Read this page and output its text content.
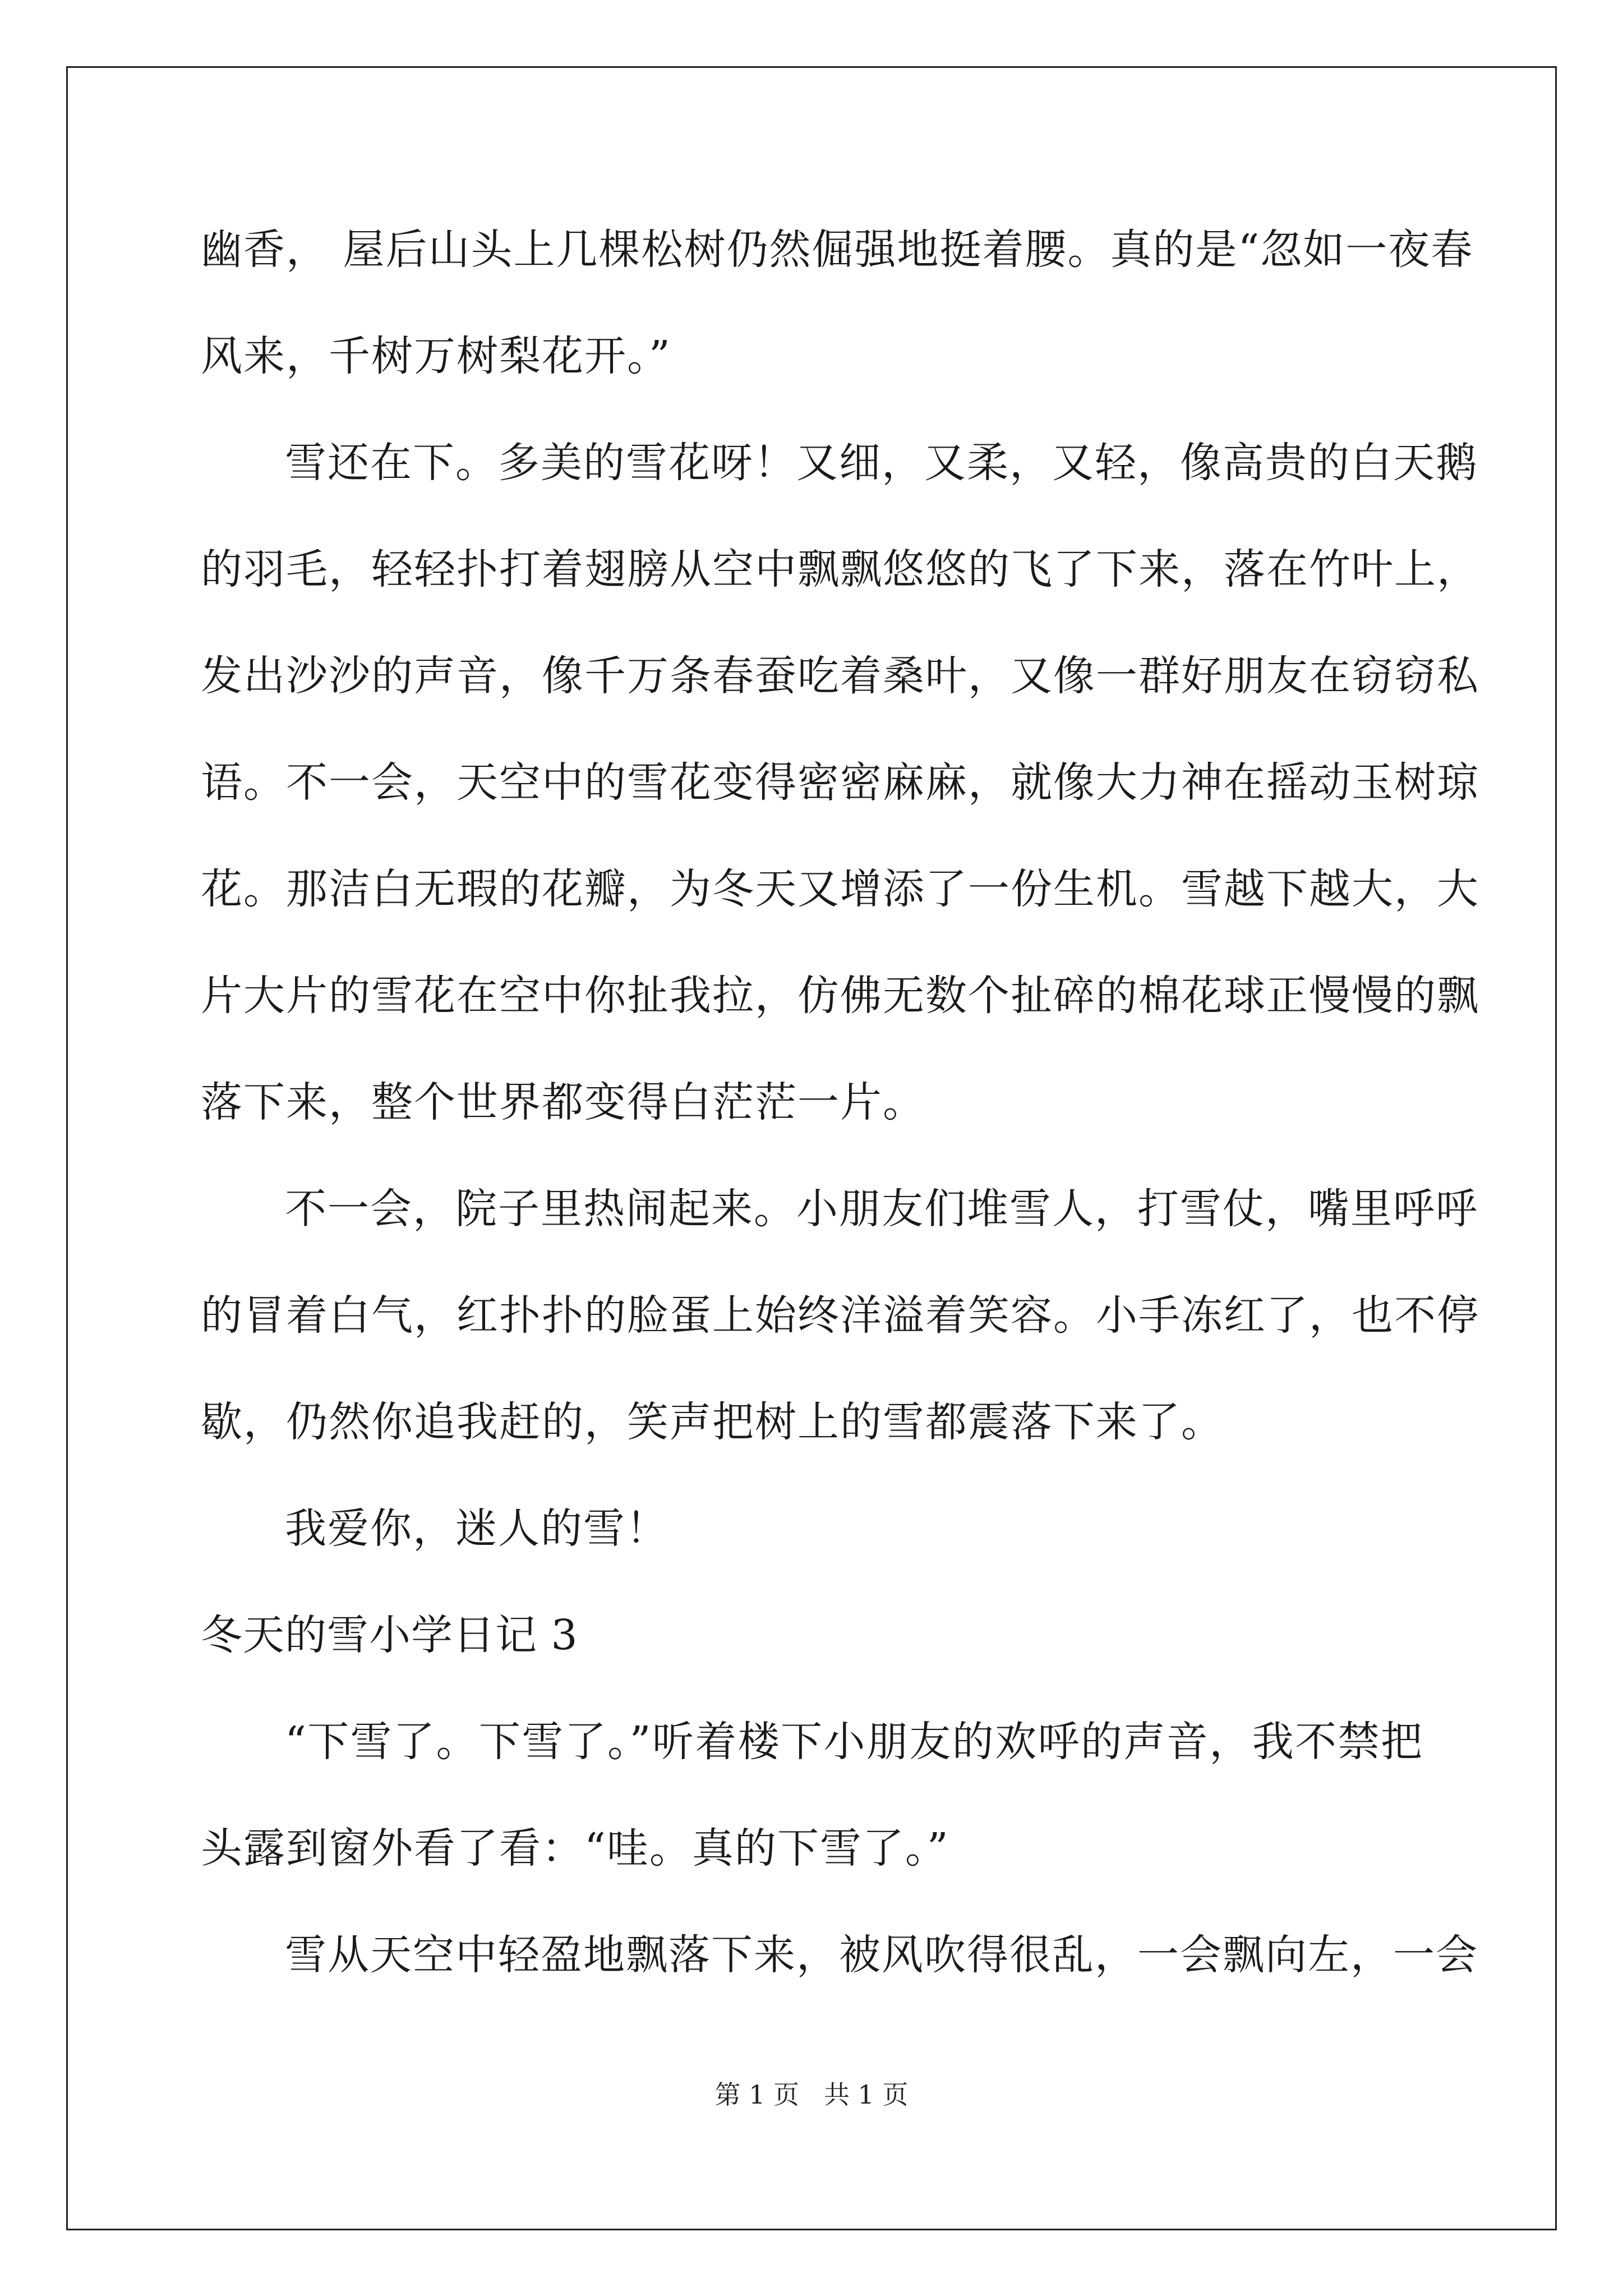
幽香， 屋后山头上几棵松树仍然倔强地挺着腰。真的是“忽如一夜春
风来，千树万树梨花开。”
雪还在下。多美的雪花呀！又细，又柔，又轻，像高贵的白天鹅
的羽毛，轻轻扑打着翅膀从空中飘飘悠悠的飞了下来，落在竹叶上，
发出沙沙的声音，像千万条春蚕吃着桑叶，又像一群好朋友在窃窃私
语。不一会，天空中的雪花变得密密麻麻，就像大力神在摇动玉树琼
花。那洁白无瑕的花瓣，为冬天又增添了一份生机。雪越下越大，大
片大片的雪花在空中你扯我拉，仿佛无数个扯碎的棉花球正慢慢的飘
落下来，整个世界都变得白茫茫一片。
不一会，院子里热闹起来。小朋友们堆雪人，打雪仗，嘴里呼呼
的冒着白气，红扑扑的脸蛋上始终洋溢着笑容。小手冻红了，也不停
歇，仍然你追我赶的，笑声把树上的雪都震落下来了。
我爱你，迷人的雪！
冬天的雪小学日记 3
“下雪了。下雪了。”听着楼下小朋友的欢呼的声音，我不禁把
头露到窗外看了看：“哇。真的下雪了。”
雪从天空中轻盈地飘落下来，被风吹得很乱，一会飘向左，一会
第 1 页 共 1 页
